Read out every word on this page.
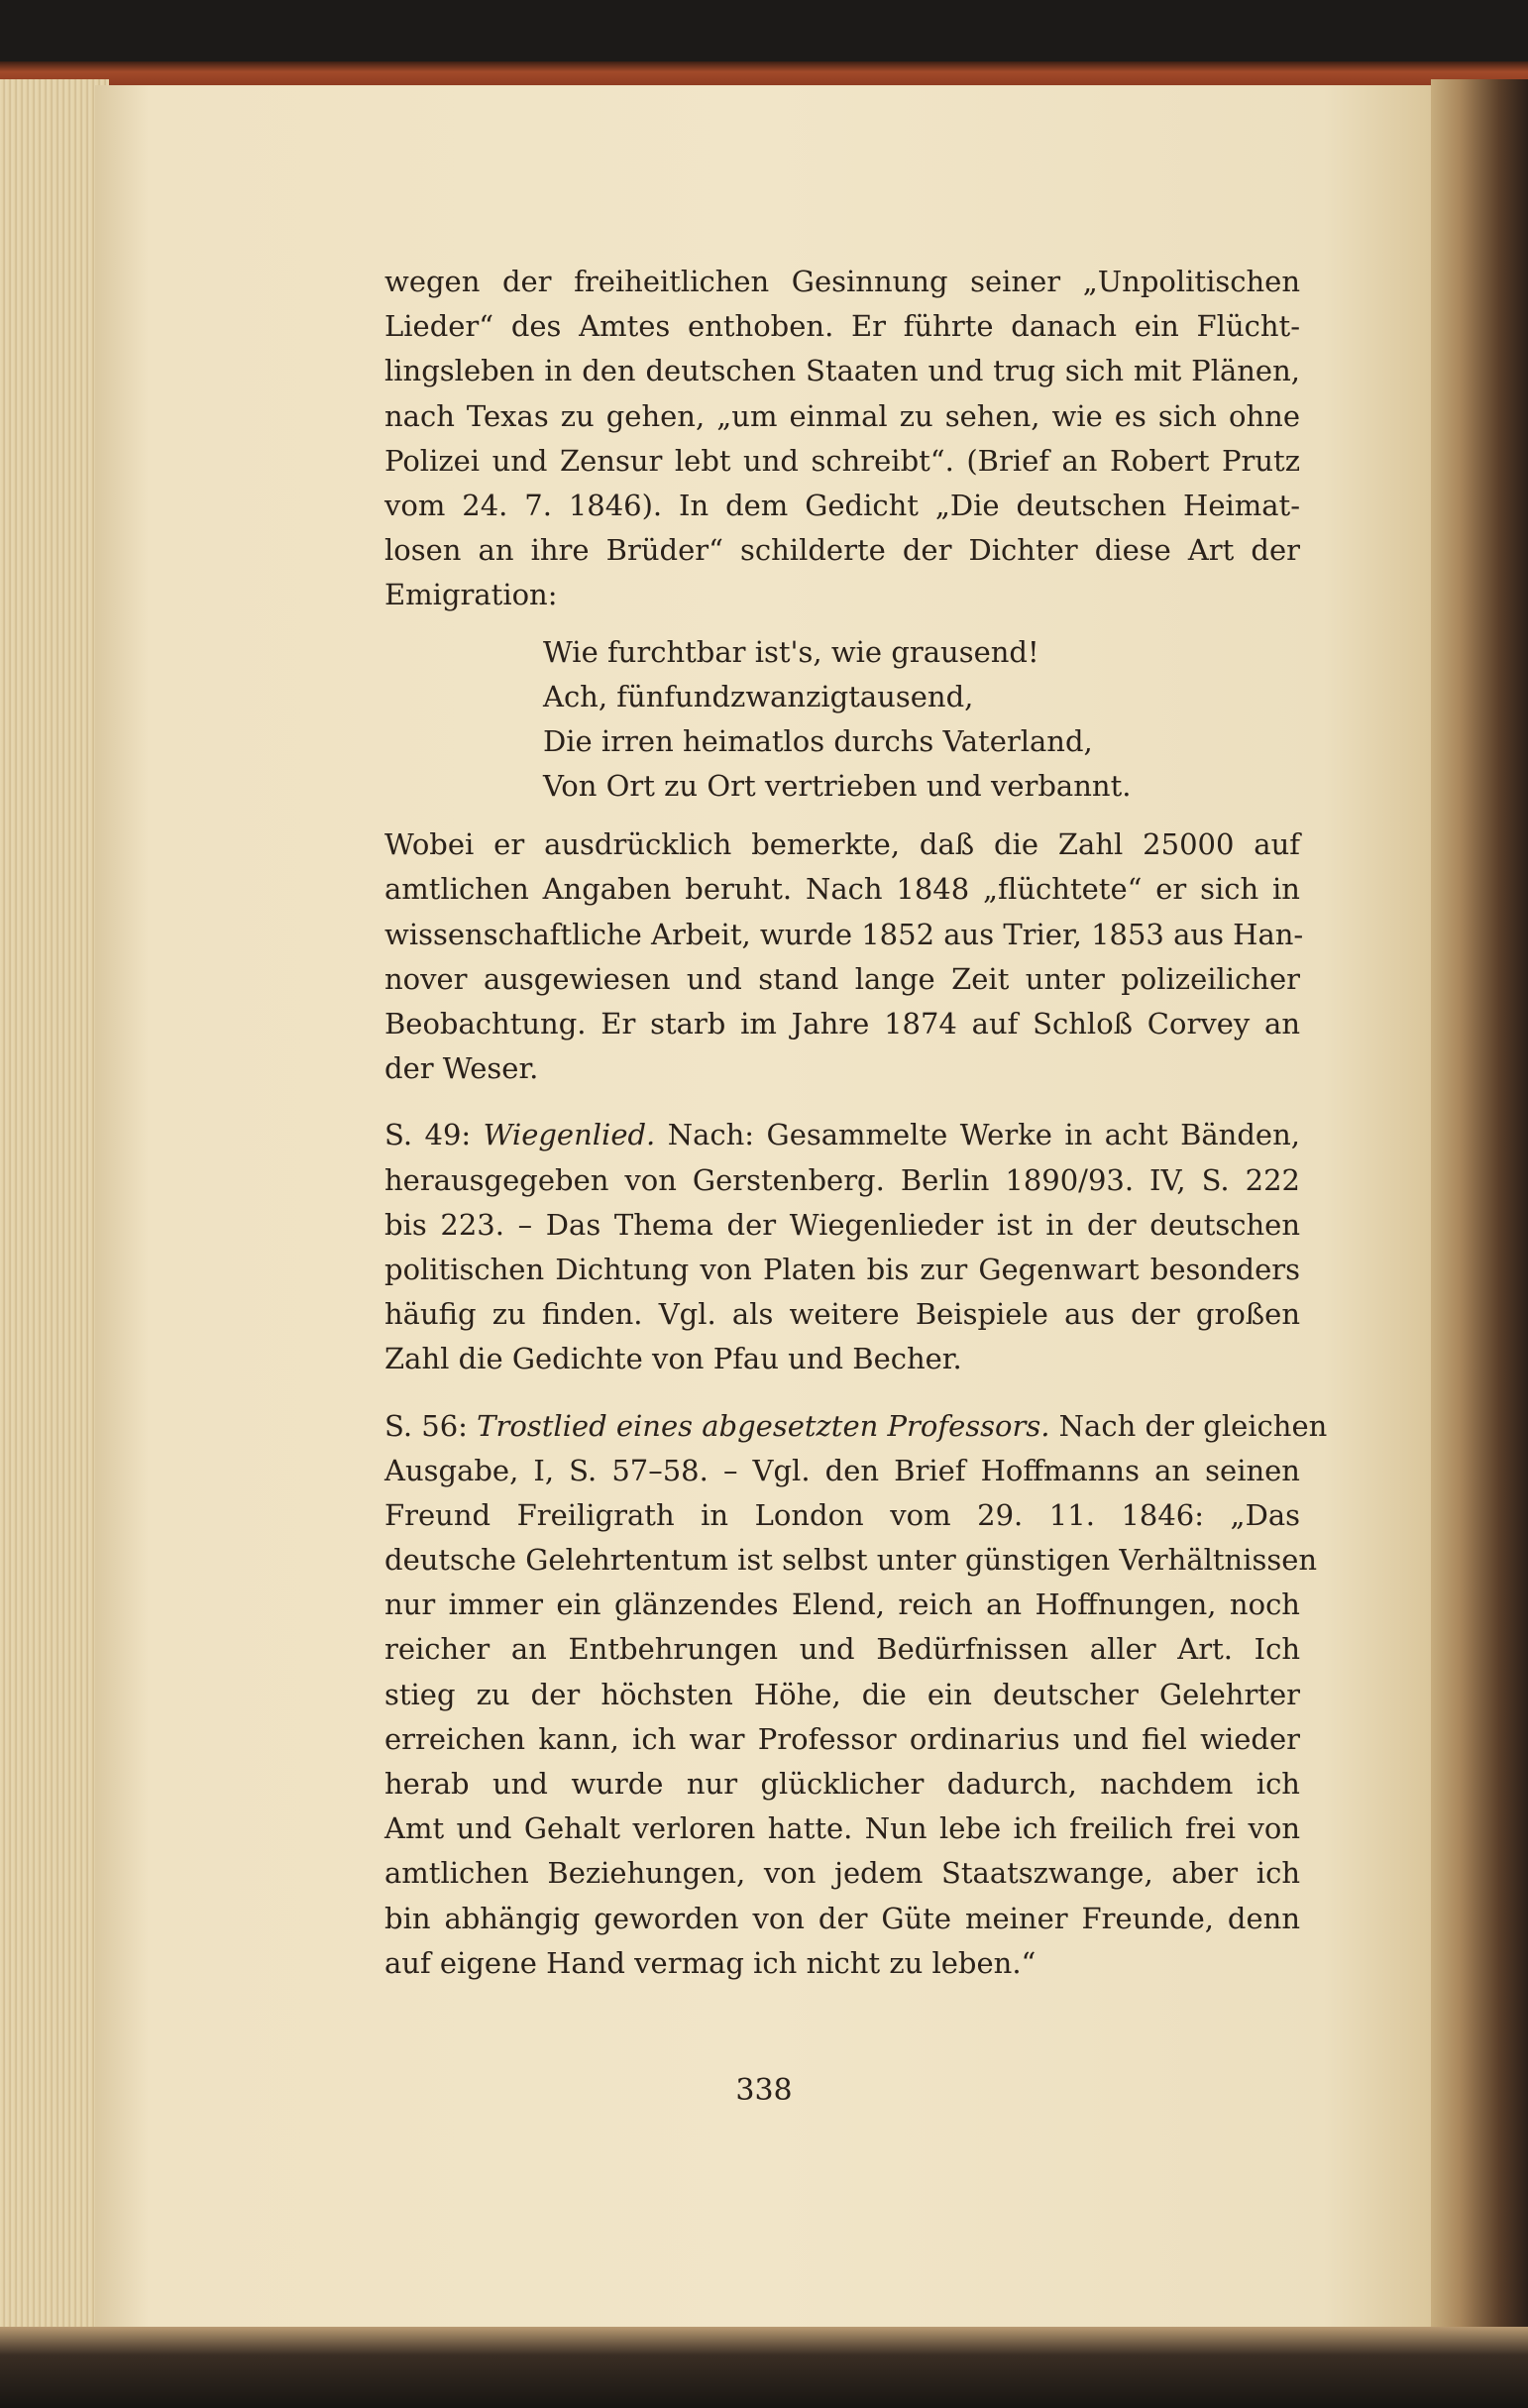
wegen der freiheitlichen Gesinnung seiner „Unpolitischen
Lieder“ des Amtes enthoben. Er führte danach ein Flücht-
lingsleben in den deutschen Staaten und trug sich mit Plänen,
nach Texas zu gehen, „um einmal zu sehen, wie es sich ohne
Polizei und Zensur lebt und schreibt“. (Brief an Robert Prutz
vom 24. 7. 1846). In dem Gedicht „Die deutschen Heimat-
losen an ihre Brüder“ schilderte der Dichter diese Art der
Emigration:
Wie furchtbar ist's, wie grausend!
Ach, fünfundzwanzigtausend,
Die irren heimatlos durchs Vaterland,
Von Ort zu Ort vertrieben und verbannt.
Wobei er ausdrücklich bemerkte, daß die Zahl 25000 auf
amtlichen Angaben beruht. Nach 1848 „flüchtete“ er sich in
wissenschaftliche Arbeit, wurde 1852 aus Trier, 1853 aus Han-
nover ausgewiesen und stand lange Zeit unter polizeilicher
Beobachtung. Er starb im Jahre 1874 auf Schloß Corvey an
der Weser.
S. 49: Wiegenlied. Nach: Gesammelte Werke in acht Bänden,
herausgegeben von Gerstenberg. Berlin 1890/93. IV, S. 222
bis 223. – Das Thema der Wiegenlieder ist in der deutschen
politischen Dichtung von Platen bis zur Gegenwart besonders
häufig zu finden. Vgl. als weitere Beispiele aus der großen
Zahl die Gedichte von Pfau und Becher.
S. 56: Trostlied eines abgesetzten Professors. Nach der gleichen
Ausgabe, I, S. 57–58. – Vgl. den Brief Hoffmanns an seinen
Freund Freiligrath in London vom 29. 11. 1846: „Das
deutsche Gelehrtentum ist selbst unter günstigen Verhältnissen
nur immer ein glänzendes Elend, reich an Hoffnungen, noch
reicher an Entbehrungen und Bedürfnissen aller Art. Ich
stieg zu der höchsten Höhe, die ein deutscher Gelehrter
erreichen kann, ich war Professor ordinarius und fiel wieder
herab und wurde nur glücklicher dadurch, nachdem ich
Amt und Gehalt verloren hatte. Nun lebe ich freilich frei von
amtlichen Beziehungen, von jedem Staatszwange, aber ich
bin abhängig geworden von der Güte meiner Freunde, denn
auf eigene Hand vermag ich nicht zu leben.“
338
